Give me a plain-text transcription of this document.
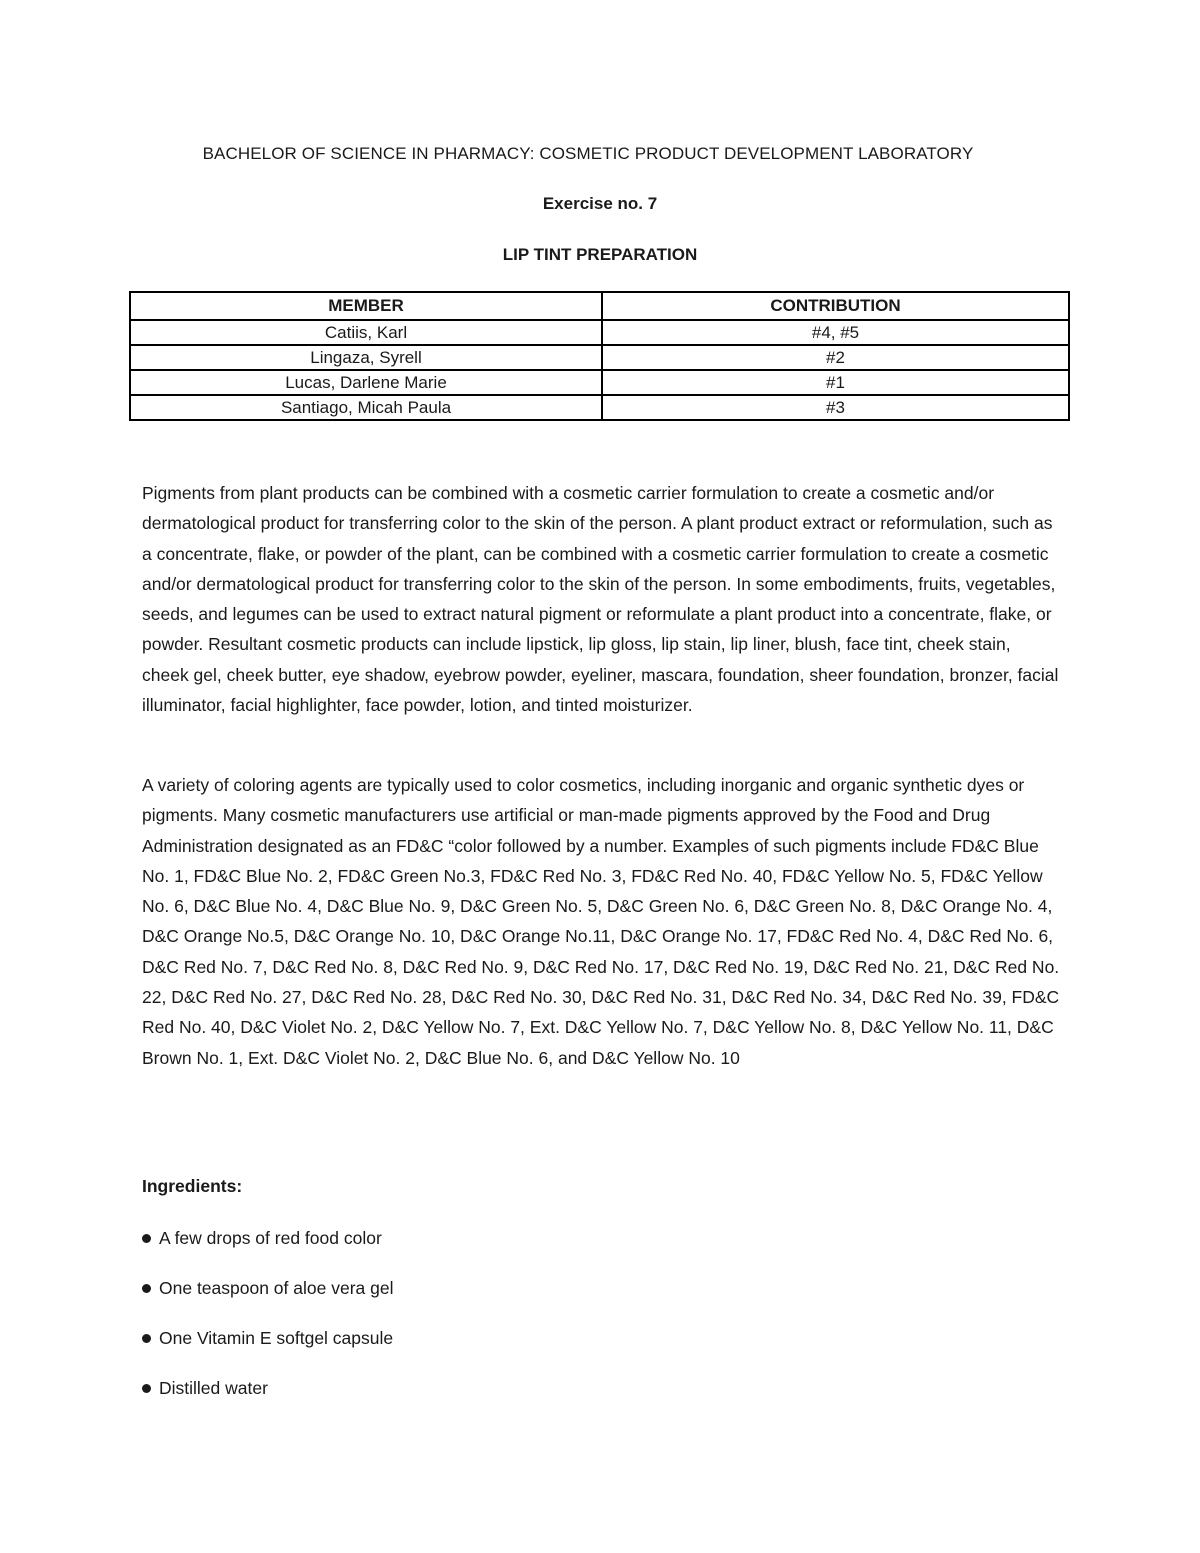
BACHELOR OF SCIENCE IN PHARMACY: COSMETIC PRODUCT DEVELOPMENT LABORATORY
Exercise no. 7
LIP TINT PREPARATION
MEMBER	CONTRIBUTION
Catiis, Karl	#4, #5
Lingaza, Syrell	#2
Lucas, Darlene Marie	#1
Santiago, Micah Paula	#3

Pigments from plant products can be combined with a cosmetic carrier formulation to create a cosmetic and/or dermatological product for transferring color to the skin of the person. A plant product extract or reformulation, such as a concentrate, flake, or powder of the plant, can be combined with a cosmetic carrier formulation to create a cosmetic and/or dermatological product for transferring color to the skin of the person. In some embodiments, fruits, vegetables, seeds, and legumes can be used to extract natural pigment or reformulate a plant product into a concentrate, flake, or powder. Resultant cosmetic products can include lipstick, lip gloss, lip stain, lip liner, blush, face tint, cheek stain, cheek gel, cheek butter, eye shadow, eyebrow powder, eyeliner, mascara, foundation, sheer foundation, bronzer, facial illuminator, facial highlighter, face powder, lotion, and tinted moisturizer.

A variety of coloring agents are typically used to color cosmetics, including inorganic and organic synthetic dyes or pigments. Many cosmetic manufacturers use artificial or man-made pigments approved by the Food and Drug Administration designated as an FD&C “color followed by a number. Examples of such pigments include FD&C Blue No. 1, FD&C Blue No. 2, FD&C Green No.3, FD&C Red No. 3, FD&C Red No. 40, FD&C Yellow No. 5, FD&C Yellow No. 6, D&C Blue No. 4, D&C Blue No. 9, D&C Green No. 5, D&C Green No. 6, D&C Green No. 8, D&C Orange No. 4, D&C Orange No.5, D&C Orange No. 10, D&C Orange No.11, D&C Orange No. 17, FD&C Red No. 4, D&C Red No. 6, D&C Red No. 7, D&C Red No. 8, D&C Red No. 9, D&C Red No. 17, D&C Red No. 19, D&C Red No. 21, D&C Red No. 22, D&C Red No. 27, D&C Red No. 28, D&C Red No. 30, D&C Red No. 31, D&C Red No. 34, D&C Red No. 39, FD&C Red No. 40, D&C Violet No. 2, D&C Yellow No. 7, Ext. D&C Yellow No. 7, D&C Yellow No. 8, D&C Yellow No. 11, D&C Brown No. 1, Ext. D&C Violet No. 2, D&C Blue No. 6, and D&C Yellow No. 10

Ingredients:

A few drops of red food color
One teaspoon of aloe vera gel
One Vitamin E softgel capsule
Distilled water
